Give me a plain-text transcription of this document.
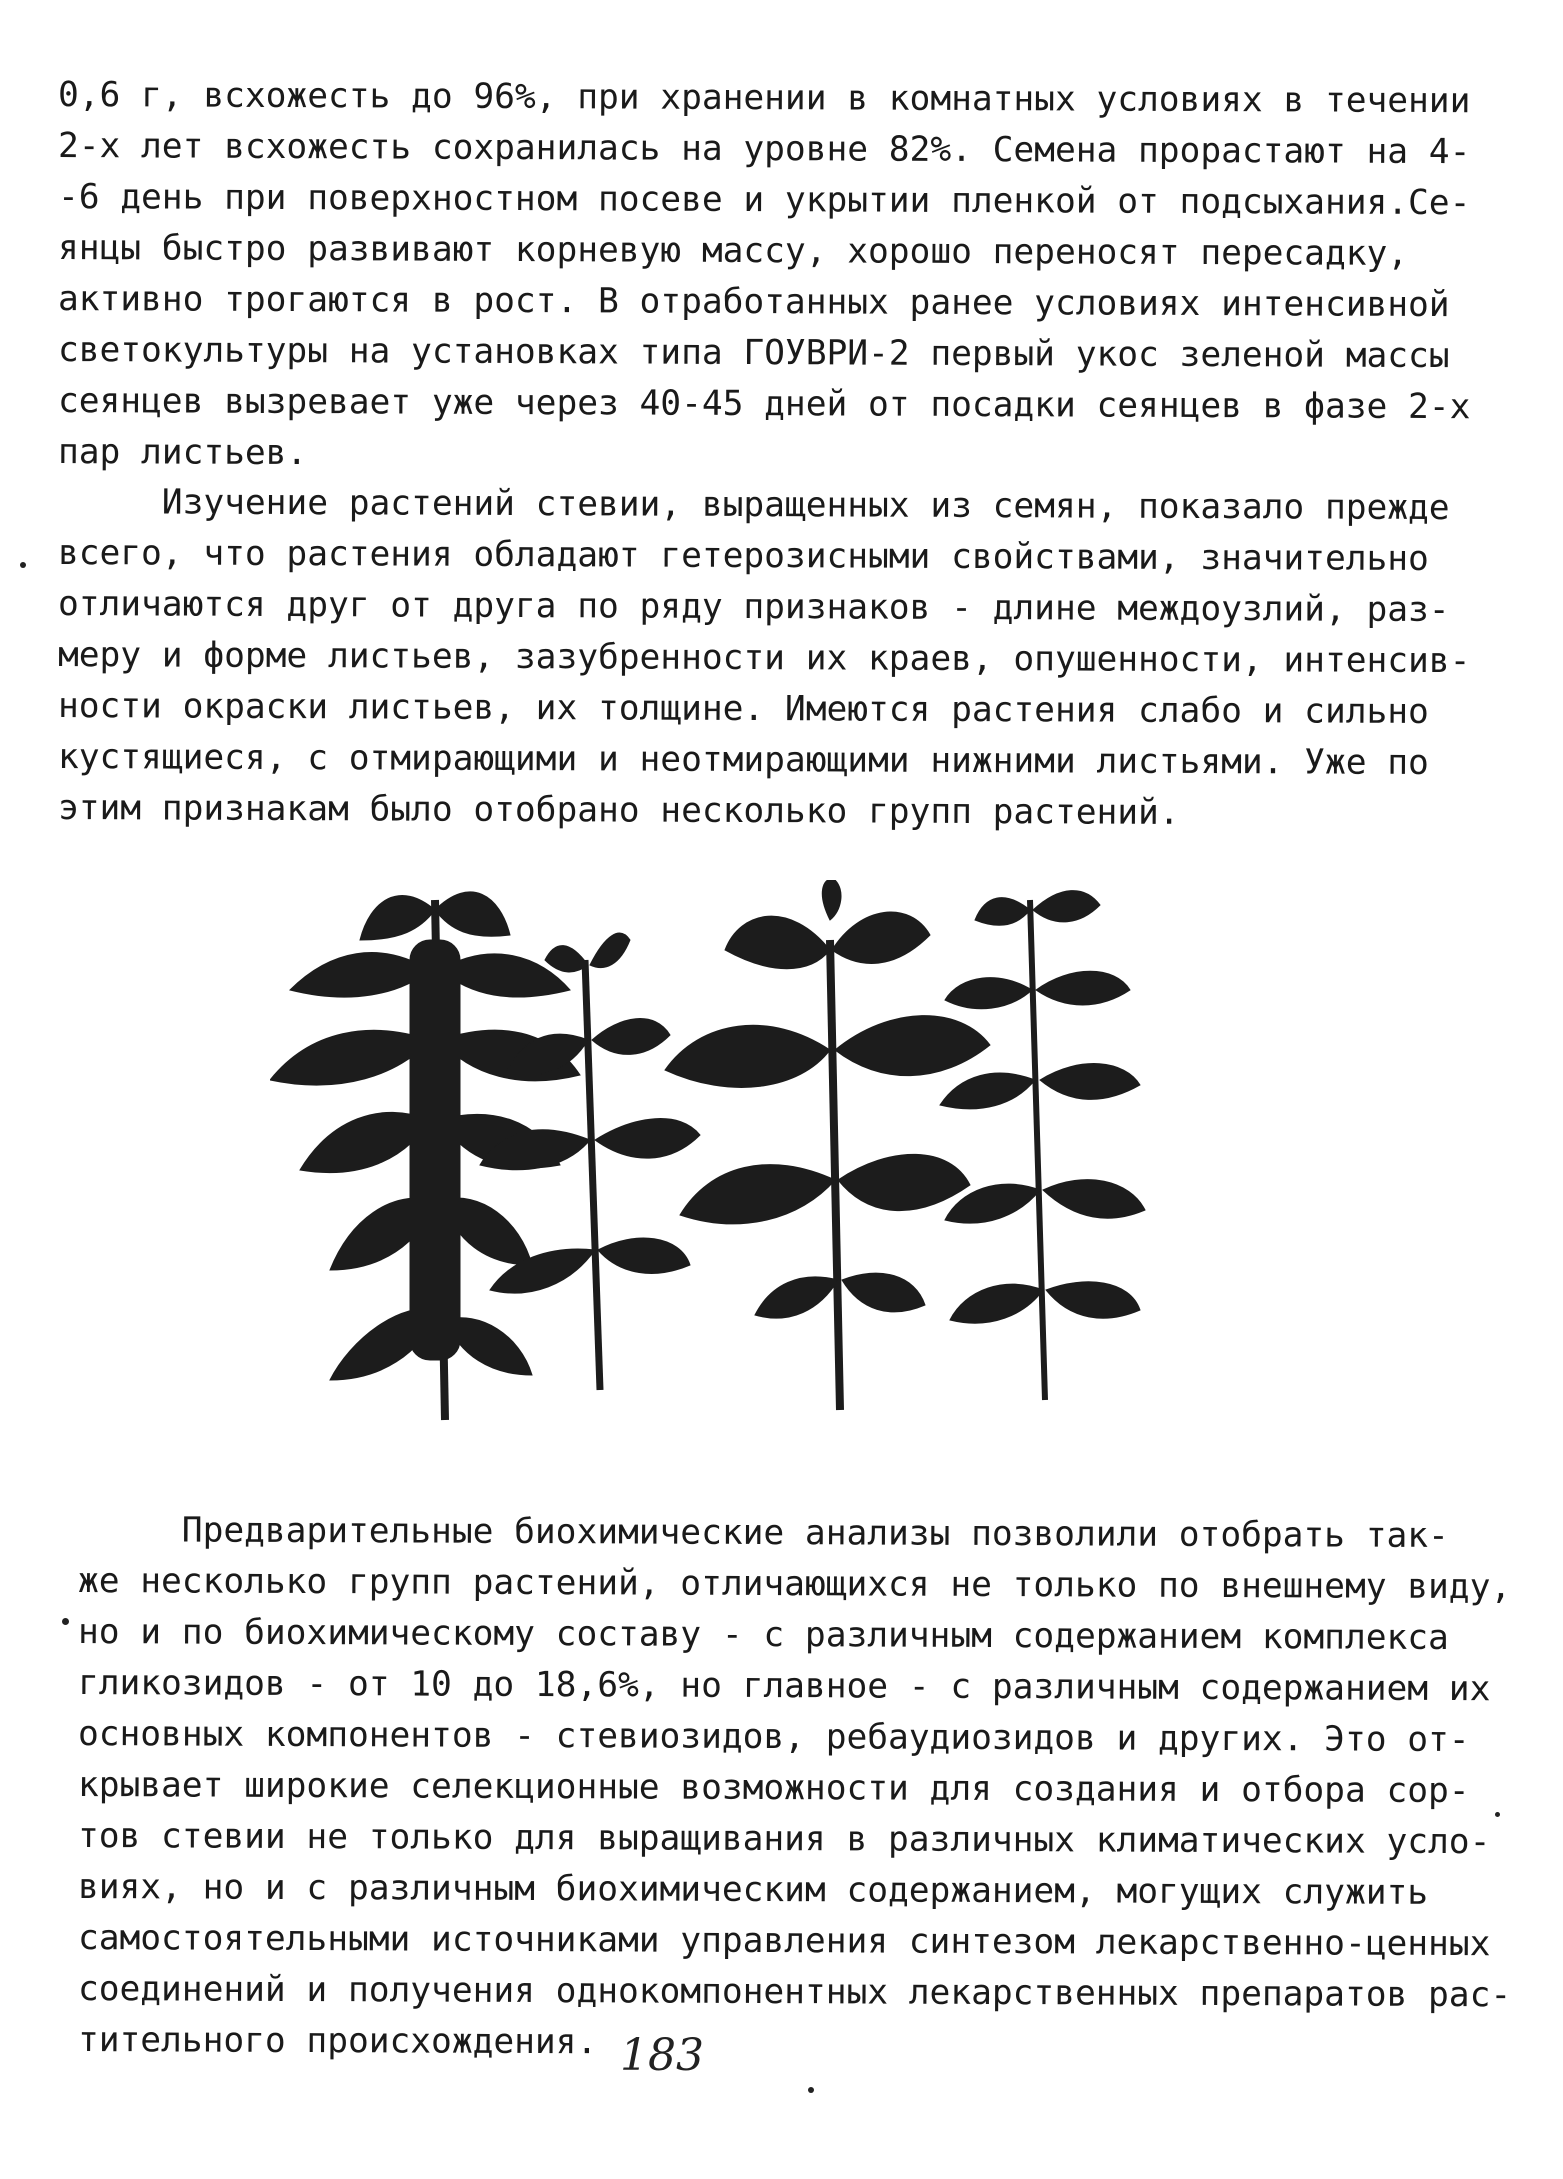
0,6 г, всхожесть до 96%, при хранении в комнатных условиях в течении
2-х лет всхожесть сохранилась на уровне 82%. Семена прорастают на 4-
-6 день при поверхностном посеве и укрытии пленкой от подсыхания.Се-
янцы быстро развивают корневую массу, хорошо переносят пересадку,
активно трогаются в рост. В отработанных ранее условиях интенсивной
светокультуры на установках типа ГОУВРИ-2 первый укос зеленой массы
сеянцев вызревает уже через 40-45 дней от посадки сеянцев в фазе 2-х
пар листьев.
Изучение растений стевии, выращенных из семян, показало прежде
всего, что растения обладают гетерозисными свойствами, значительно
отличаются друг от друга по ряду признаков - длине междоузлий, раз-
меру и форме листьев, зазубренности их краев, опушенности, интенсив-
ности окраски листьев, их толщине. Имеются растения слабо и сильно
кустящиеся, с отмирающими и неотмирающими нижними листьями. Уже по
этим признакам было отобрано несколько групп растений.
Предварительные биохимические анализы позволили отобрать так-
же несколько групп растений, отличающихся не только по внешнему виду,
но и по биохимическому составу - с различным содержанием комплекса
гликозидов - от 10 до 18,6%, но главное - с различным содержанием их
основных компонентов - стевиозидов, ребаудиозидов и других. Это от-
крывает широкие селекционные возможности для создания и отбора сор-
тов стевии не только для выращивания в различных климатических усло-
виях, но и с различным биохимическим содержанием, могущих служить
самостоятельными источниками управления синтезом лекарственно-ценных
соединений и получения однокомпонентных лекарственных препаратов рас-
тительного происхождения. 183
